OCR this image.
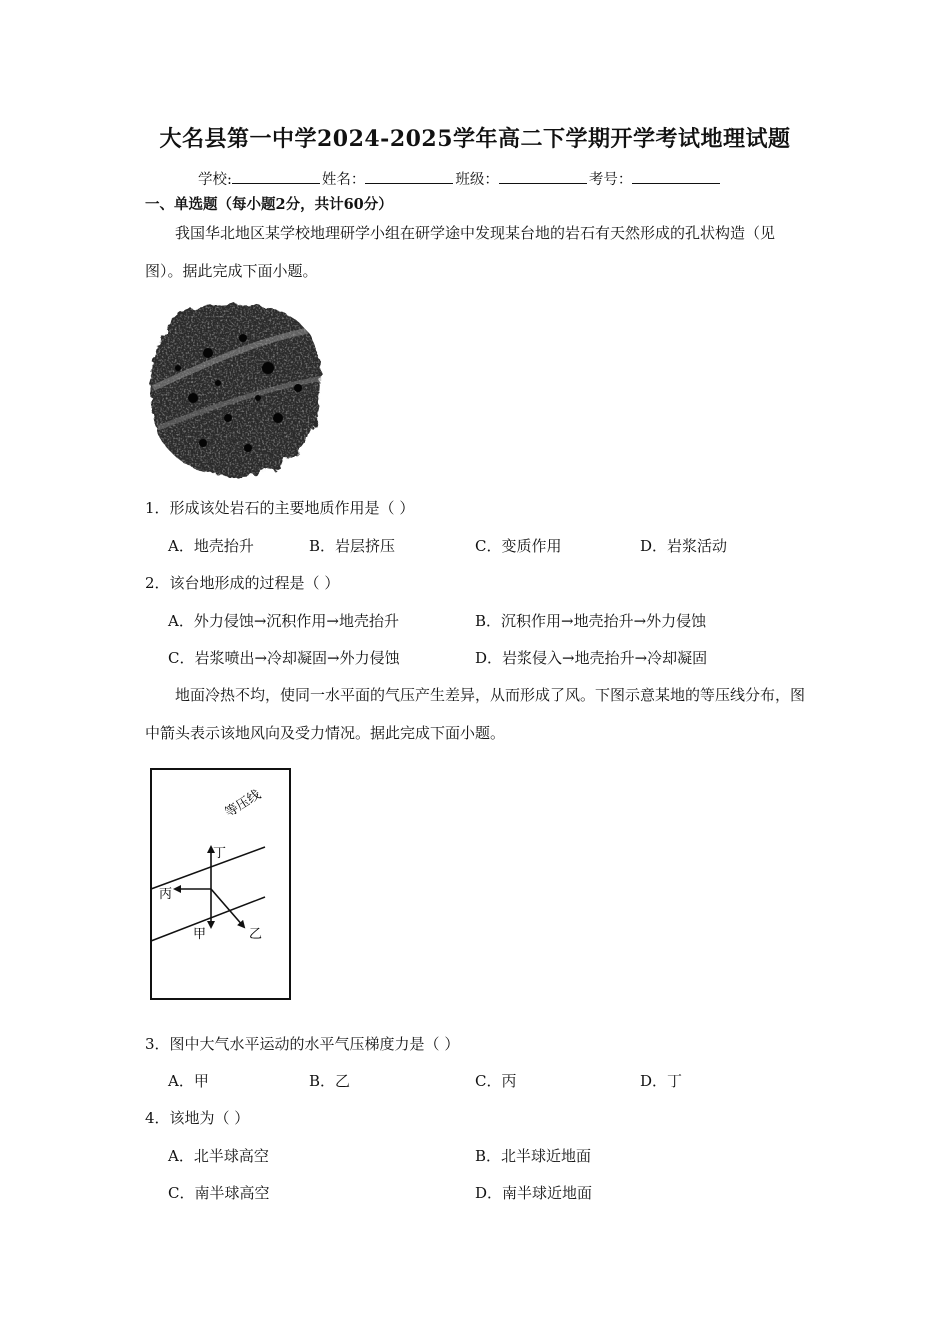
大名县第一中学2024-2025学年高二下学期开学考试地理试题
学校:	姓名：	班级：	考号：
一、单选题（每小题2分，共计60分）
我国华北地区某学校地理研学小组在研学途中发现某台地的岩石有天然形成的孔状构造（见图）。据此完成下面小题。
1．形成该处岩石的主要地质作用是（ ）
A．地壳抬升	B．岩层挤压	C．变质作用	D．岩浆活动
2．该台地形成的过程是（ ）
A．外力侵蚀→沉积作用→地壳抬升	B．沉积作用→地壳抬升→外力侵蚀
C．岩浆喷出→冷却凝固→外力侵蚀	D．岩浆侵入→地壳抬升→冷却凝固
地面冷热不均，使同一水平面的气压产生差异，从而形成了风。下图示意某地的等压线分布，图中箭头表示该地风向及受力情况。据此完成下面小题。
等压线
丁
丙
甲	乙
3．图中大气水平运动的水平气压梯度力是（ ）
A．甲	B．乙	C．丙	D．丁
4．该地为（ ）
A．北半球高空	B．北半球近地面
C．南半球高空	D．南半球近地面
